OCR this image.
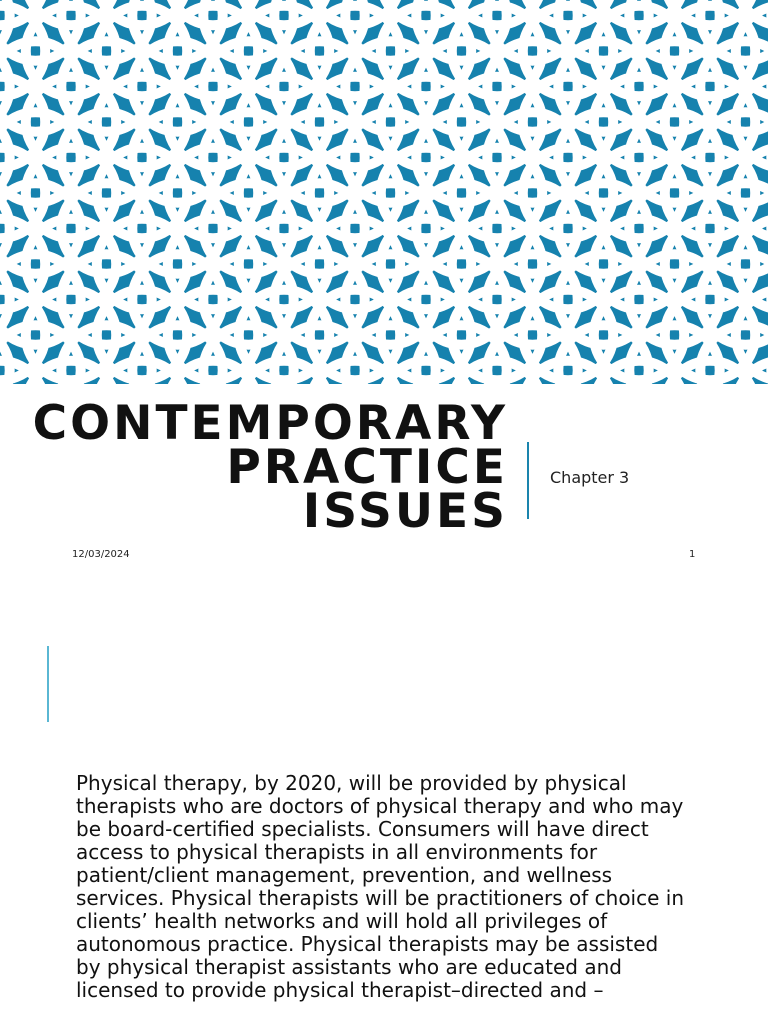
CONTEMPORARY
PRACTICE
ISSUES
Chapter 3
12/03/2024	1

Physical therapy, by 2020, will be provided by physical therapists who are doctors of physical therapy and who may be board-certified specialists. Consumers will have direct access to physical therapists in all environments for patient/client management, prevention, and wellness services. Physical therapists will be practitioners of choice in clients’ health networks and will hold all privileges of autonomous practice. Physical therapists may be assisted by physical therapist assistants who are educated and licensed to provide physical therapist–directed and –
